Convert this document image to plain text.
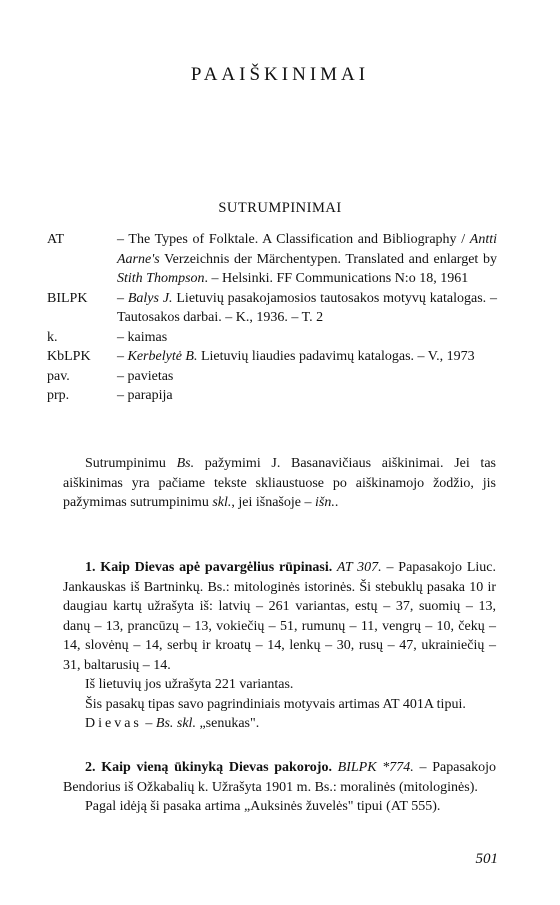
PAAIŠKINIMAI
SUTRUMPINIMAI
AT	– The Types of Folktale. A Classification and Bibliography / Antti Aarne's Verzeichnis der Märchentypen. Translated and enlarget by Stith Thompson. – Helsinki. FF Communications N:o 18, 1961
BILPK	– Balys J. Lietuvių pasakojamosios tautosakos motyvų katalogas. – Tautosakos darbai. – K., 1936. – T. 2
k.	– kaimas
KbLPK	– Kerbelytė B. Lietuvių liaudies padavimų katalogas. – V., 1973
pav.	– pavietas
prp.	– parapija

Sutrumpinimu Bs. pažymimi J. Basanavičiaus aiškinimai. Jei tas aiškinimas yra pačiame tekste skliaustuose po aiškinamojo žodžio, jis pažymimas sutrumpinimu skl., jei išnašoje – išn..

1. Kaip Dievas apė pavargėlius rūpinasi. AT 307. – Papasakojo Liuc. Jankauskas iš Bartninkų. Bs.: mitologinės istorinės. Ši stebuklų pasaka 10 ir daugiau kartų užrašyta iš: latvių – 261 variantas, estų – 37, suomių – 13, danų – 13, prancūzų – 13, vokiečių – 51, rumunų – 11, vengrų – 10, čekų – 14, slovėnų – 14, serbų ir kroatų – 14, lenkų – 30, rusų – 47, ukrainiečių – 31, baltarusių – 14.

Iš lietuvių jos užrašyta 221 variantas.

Šis pasakų tipas savo pagrindiniais motyvais artimas AT 401A tipui.

Dievas – Bs. skl. „senukas".

2. Kaip vieną ūkinyką Dievas pakorojo. BILPK *774. – Papasakojo Bendorius iš Ožkabalių k. Užrašyta 1901 m. Bs.: moralinės (mitologinės).

Pagal idėją ši pasaka artima „Auksinės žuvelės" tipui (AT 555).

501
